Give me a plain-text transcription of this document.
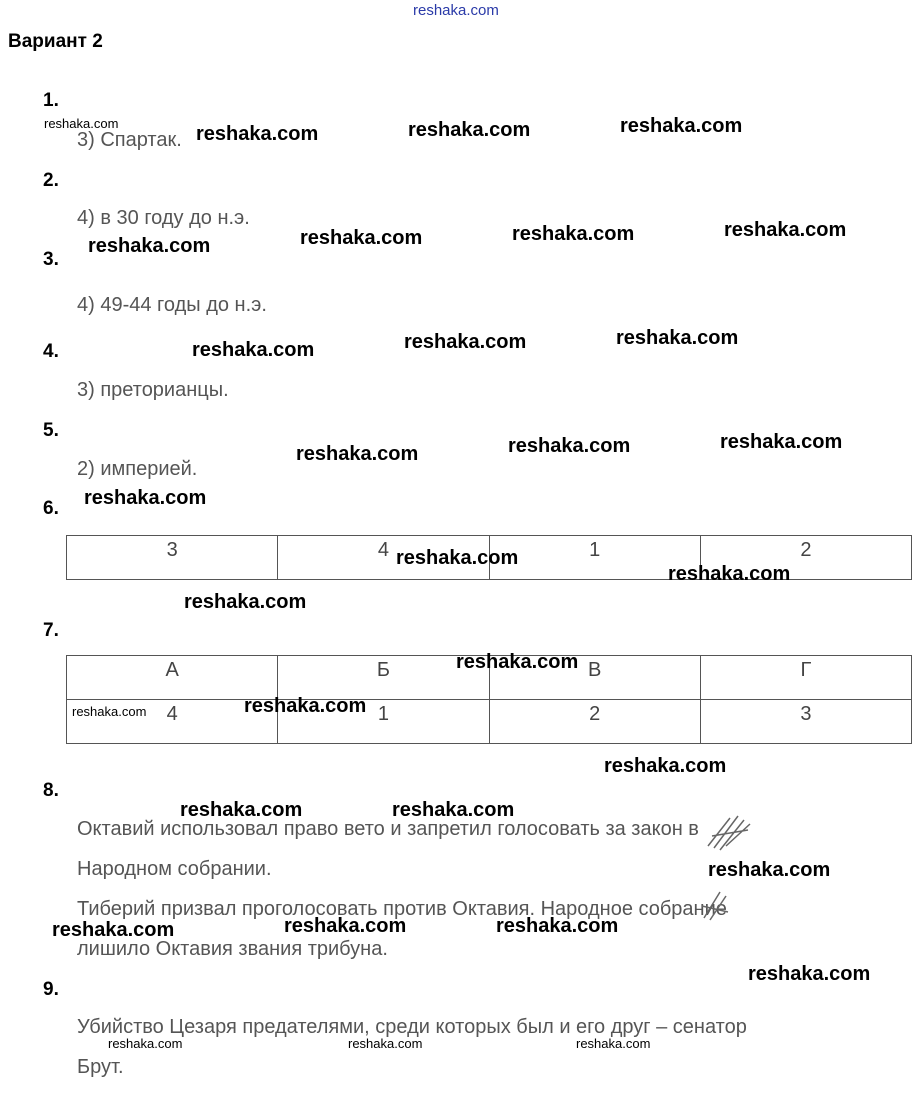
reshaka.com
Вариант 2
1.
3) Спартак.
2.
4) в 30 году до н.э.
3.
4) 49-44 годы до н.э.
4.
3) преторианцы.
5.
2) империей.
6.
3	4	1	2
7.
А	Б	В	Г
4	1	2	3
8.
Октавий использовал право вето и запретил голосовать за закон в
Народном собрании.
Тиберий призвал проголосовать против Октавия. Народное собрание
лишило Октавия звания трибуна.
9.
Убийство Цезаря предателями, среди которых был и его друг – сенатор
Брут.
reshaka.com	reshaka.com	reshaka.com	reshaka.com
reshaka.com	reshaka.com	reshaka.com	reshaka.com
reshaka.com	reshaka.com	reshaka.com
reshaka.com	reshaka.com	reshaka.com
reshaka.com
reshaka.com
reshaka.com
reshaka.com
reshaka.com
reshaka.com	reshaka.com
reshaka.com
reshaka.com	reshaka.com
reshaka.com
reshaka.com	reshaka.com	reshaka.com
reshaka.com
reshaka.com	reshaka.com	reshaka.com
